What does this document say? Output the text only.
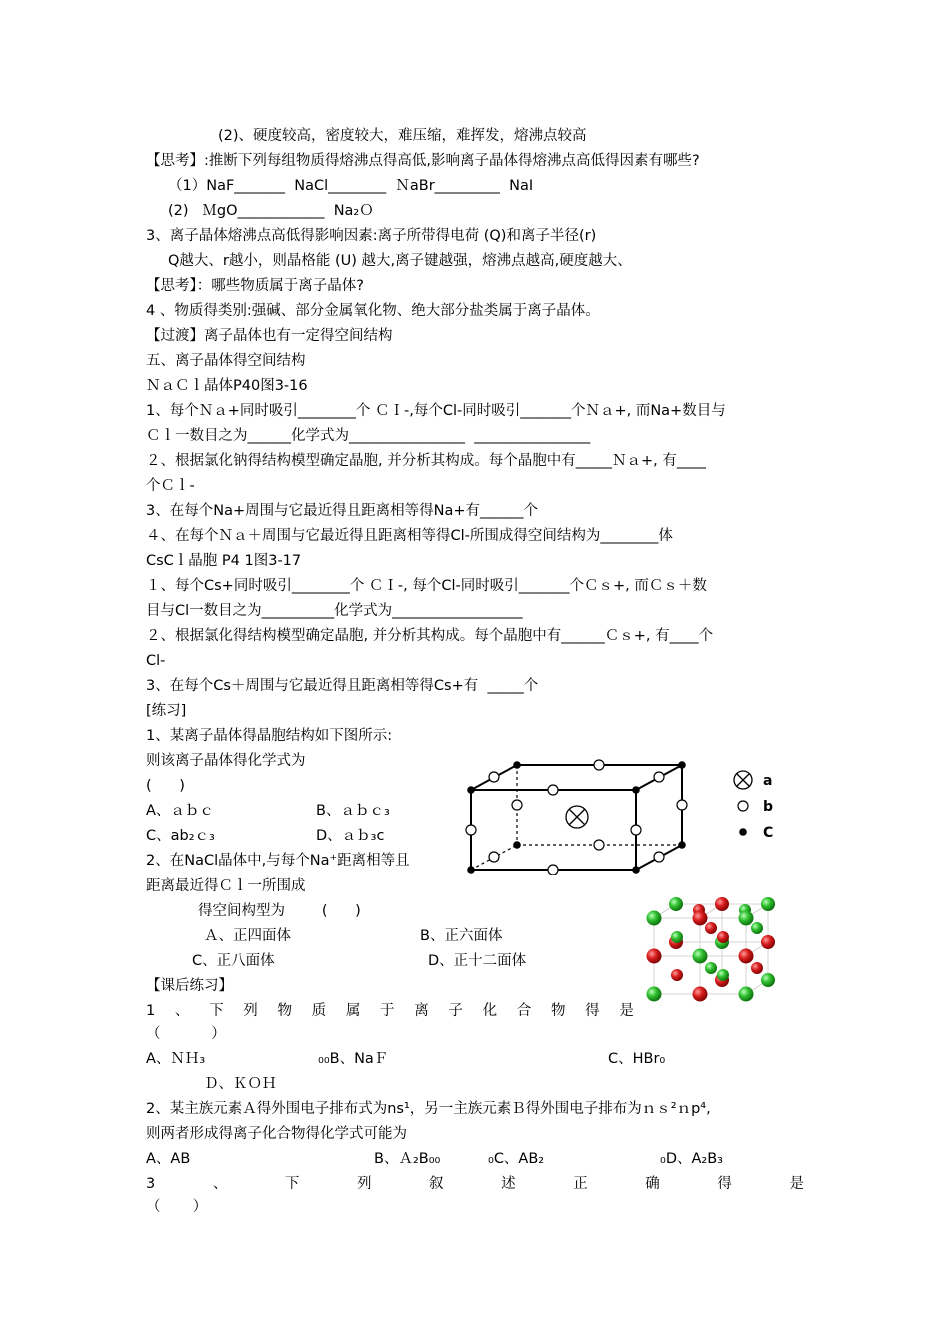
(2)、硬度较高，密度较大，难压缩，难挥发，熔沸点较高
【思考】:推断下列每组物质得熔沸点得高低,影响离子晶体得熔沸点高低得因素有哪些?
（1）NaF_______  NaCl________  ＮaBr_________  NaI
(2)   ＭgO____________  Na₂Ｏ
3、离子晶体熔沸点高低得影响因素:离子所带得电荷 (Q)和离子半径(r)
Q越大、r越小，则晶格能 (U) 越大,离子键越强，熔沸点越高,硬度越大、
【思考】：哪些物质属于离子晶体?
4 、物质得类别:强碱、部分金属氧化物、绝大部分盐类属于离子晶体。
【过渡】离子晶体也有一定得空间结构
五、离子晶体得空间结构
ＮａＣｌ晶体P40图3-16
1、每个Ｎａ+同时吸引________个 ＣＩ-,每个Cl-同时吸引_______个Ｎａ+, 而Na+数目与
Ｃｌ一数目之为______化学式为________________  ________________
２、根据氯化钠得结构模型确定晶胞, 并分析其构成。每个晶胞中有_____Ｎａ+, 有____
个Ｃｌ-
3、在每个Na+周围与它最近得且距离相等得Na+有______个
４、在每个Ｎａ＋周围与它最近得且距离相等得Cl-所围成得空间结构为________体
CsCｌ晶胞 P4 1图3-17
１、每个Cs+同时吸引________个 ＣＩ-, 每个Cl-同时吸引_______个Ｃｓ+, 而Ｃｓ＋数
目与Cl一数目之为__________化学式为__________________
２、根据氯化得结构模型确定晶胞, 并分析其构成。每个晶胞中有______Ｃｓ+, 有____个
Cl-
3、在每个Cs＋周围与它最近得且距离相等得Cs+有  _____个
[练习]
1、某离子晶体得晶胞结构如下图所示:
则该离子晶体得化学式为
(      )
A、ａｂｃ	B、ａｂｃ₃
C、ab₂ｃ₃	D、ａｂ₃c
2、在NaCl晶体中,与每个Na⁺距离相等且
距离最近得Ｃｌ一所围成
得空间构型为        (      )
Ａ、正四面体	B、正六面体
C、正八面体	D、正十二面体
【课后练习】
1 、 下 列 物 质 属 于 离 子 化 合 物 得 是
（           ）
A、ＮＨ₃	₀₀B、NaＦ	C、HBr₀
Ｄ、ＫＯＨ
2、某主族元素Ａ得外围电子排布式为ns¹，另一主族元素Ｂ得外围电子排布为ｎｓ²ｎp⁴,
则两者形成得离子化合物得化学式可能为
A、AB	B、Ａ₂B₀₀	₀C、AB₂	₀D、A₂B₃
3	、	下	列	叙	述	正	确	得	是
（       ）
a
b
C
